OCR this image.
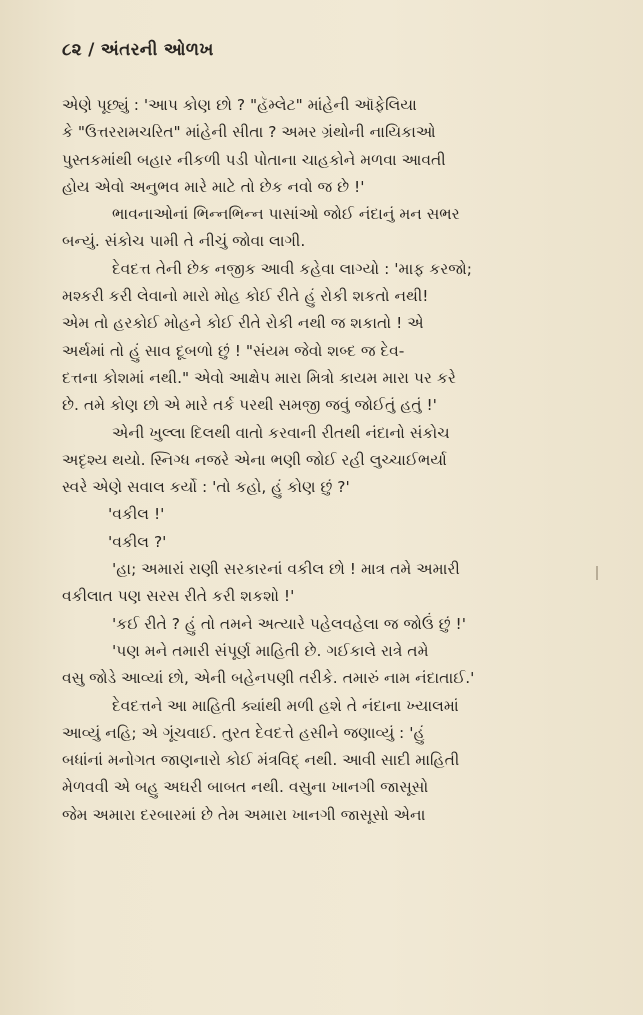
૮૨ / અંતરની ઓળખ
એણે પૂછ્યું : 'આપ કોણ છો ? "હૅમ્લેટ" માંહેની ઑફેલિયા
કે "ઉત્તરરામચરિત" માંહેની સીતા ? અમર ગ્રંથોની નાયિકાઓ
પુસ્તકમાંથી બહાર નીકળી પડી પોતાના ચાહકોને મળવા આવતી
હોય એવો અનુભવ મારે માટે તો છેક નવો જ છે !'
ભાવનાઓનાં ભિન્નભિન્ન પાસાંઓ જોઈ નંદાનું મન સભર
બન્યું. સંકોચ પામી તે નીચું જોવા લાગી.
દેવદત્ત તેની છેક નજીક આવી કહેવા લાગ્યો : 'માફ કરજો;
મશ્કરી કરી લેવાનો મારો મોહ કોઈ રીતે હું રોકી શકતો નથી!
એમ તો હરકોઈ મોહને કોઈ રીતે રોકી નથી જ શકાતો ! એ
અર્થમાં તો હું સાવ દૂબળો છું ! "સંયમ જેવો શબ્દ જ દેવ-
દત્તના કોશમાં નથી." એવો આક્ષેપ મારા મિત્રો કાયમ મારા પર કરે
છે. તમે કોણ છો એ મારે તર્ક પરથી સમજી જવું જોઈતું હતું !'
એની ખુલ્લા દિલથી વાતો કરવાની રીતથી નંદાનો સંકોચ
અદૃશ્ય થયો. સ્નિગ્ધ નજરે એના ભણી જોઈ રહી લુચ્ચાઈભર્યા
સ્વરે એણે સવાલ કર્યો : 'તો કહો, હું કોણ છું ?'
'વકીલ !'
'વકીલ ?'
'હા; અમારાં રાણી સરકારનાં વકીલ છો ! માત્ર તમે અમારી
વકીલાત પણ સરસ રીતે કરી શકશો !'
'કઈ રીતે ? હું તો તમને અત્યારે પહેલવહેલા જ જોઉં છું !'
'પણ મને તમારી સંપૂર્ણ માહિતી છે. ગઈકાલે રાત્રે તમે
વસુ જોડે આવ્યાં છો, એની બહેનપણી તરીકે. તમારું નામ નંદાતાઈ.'
દેવદત્તને આ માહિતી ક્યાંથી મળી હશે તે નંદાના ખ્યાલમાં
આવ્યું નહિ; એ ગૂંચવાઈ. તુરત દેવદત્તે હસીને જણાવ્યું : 'હું
બધાંનાં મનોગત જાણનારો કોઈ મંત્રવિદ્ નથી. આવી સાદી માહિતી
મેળવવી એ બહુ અઘરી બાબત નથી. વસુના ખાનગી જાસૂસો
જેમ અમારા દરબારમાં છે તેમ અમારા ખાનગી જાસૂસો એના
